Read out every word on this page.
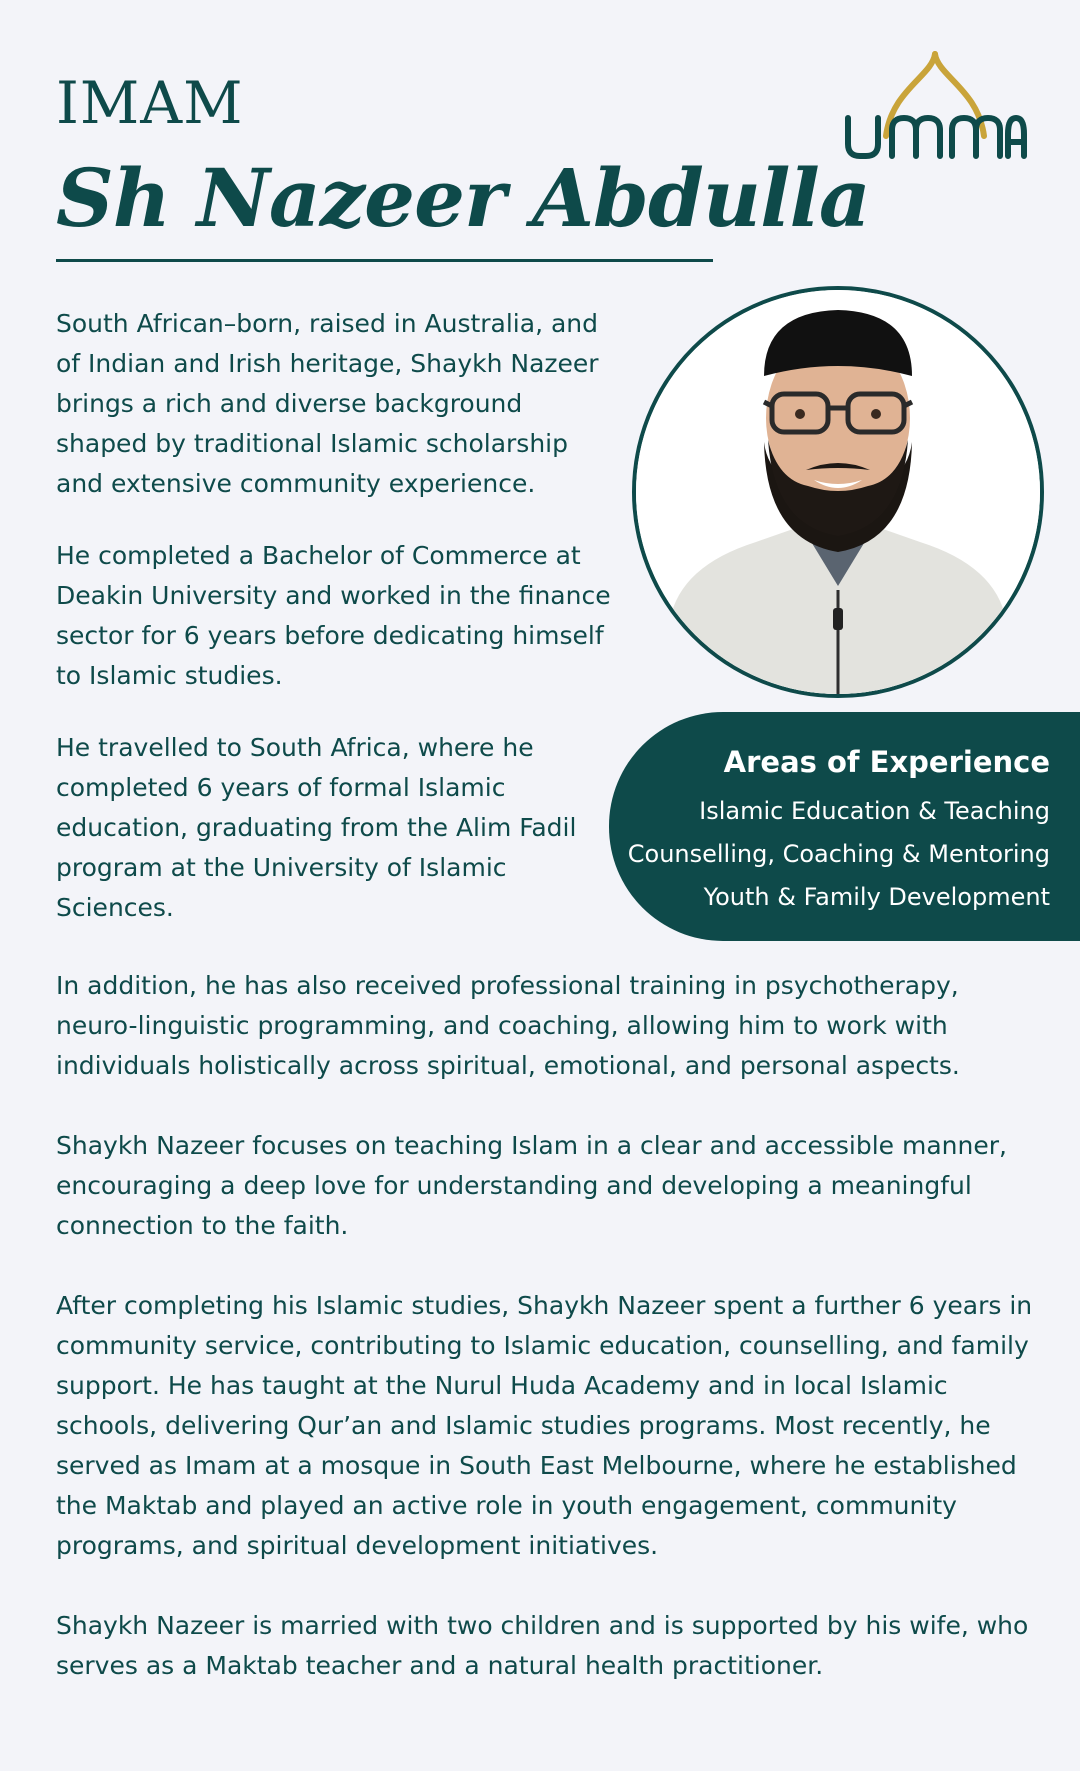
IMAM
Sh Nazeer Abdulla	umma

South African–born, raised in Australia, and of Indian and Irish heritage, Shaykh Nazeer brings a rich and diverse background shaped by traditional Islamic scholarship and extensive community experience.

He completed a Bachelor of Commerce at Deakin University and worked in the finance sector for 6 years before dedicating himself to Islamic studies.

He travelled to South Africa, where he completed 6 years of formal Islamic education, graduating from the Alim Fadil program at the University of Islamic Sciences.

Areas of Experience
Islamic Education & Teaching
Counselling, Coaching & Mentoring
Youth & Family Development

In addition, he has also received professional training in psychotherapy, neuro-linguistic programming, and coaching, allowing him to work with individuals holistically across spiritual, emotional, and personal aspects.

Shaykh Nazeer focuses on teaching Islam in a clear and accessible manner, encouraging a deep love for understanding and developing a meaningful connection to the faith.

After completing his Islamic studies, Shaykh Nazeer spent a further 6 years in community service, contributing to Islamic education, counselling, and family support. He has taught at the Nurul Huda Academy and in local Islamic schools, delivering Qur’an and Islamic studies programs. Most recently, he served as Imam at a mosque in South East Melbourne, where he established the Maktab and played an active role in youth engagement, community programs, and spiritual development initiatives.

Shaykh Nazeer is married with two children and is supported by his wife, who serves as a Maktab teacher and a natural health practitioner.
